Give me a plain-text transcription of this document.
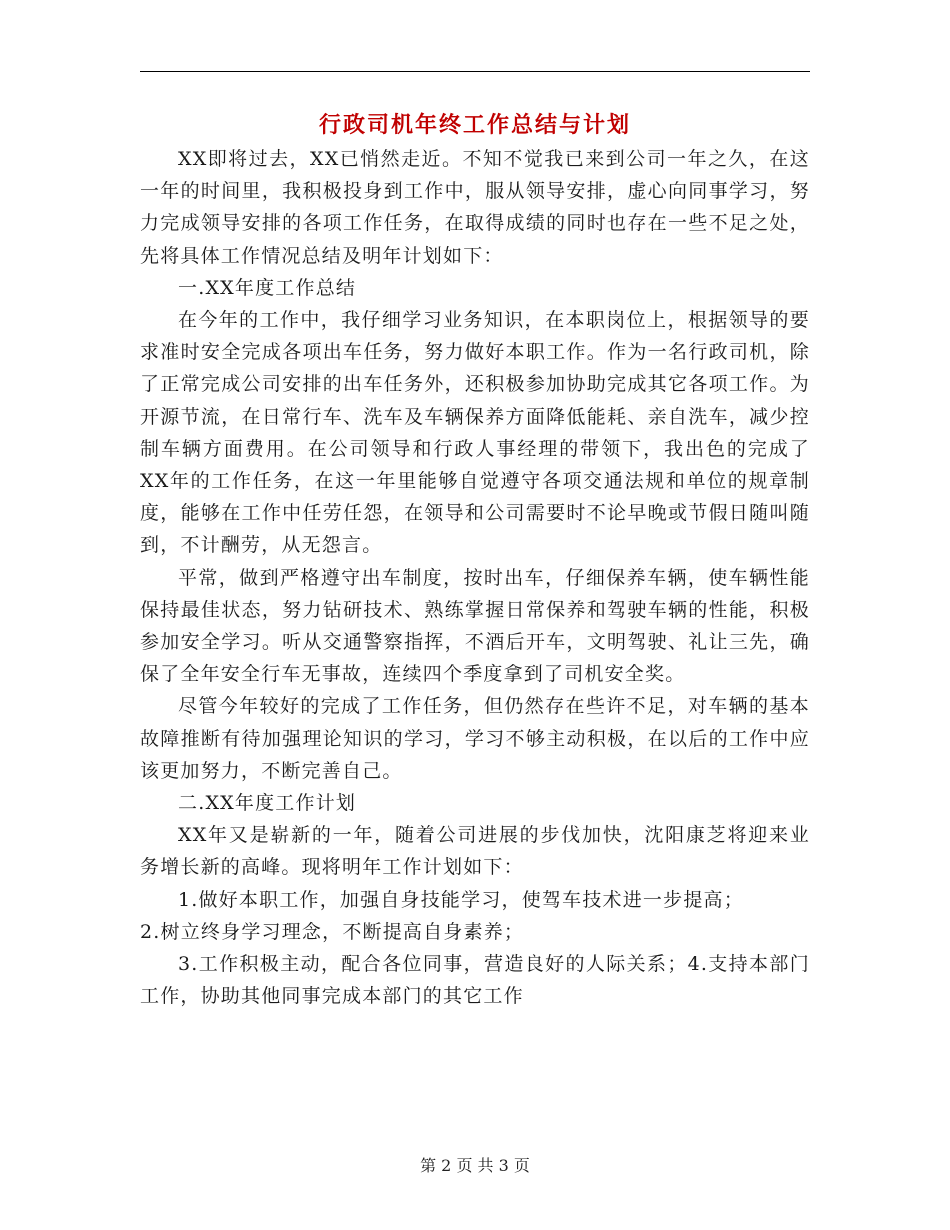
行政司机年终工作总结与计划

XX即将过去，XX已悄然走近。不知不觉我已来到公司一年之久，在这一年的时间里，我积极投身到工作中，服从领导安排，虚心向同事学习，努力完成领导安排的各项工作任务，在取得成绩的同时也存在一些不足之处，先将具体工作情况总结及明年计划如下：

一.XX年度工作总结

在今年的工作中，我仔细学习业务知识，在本职岗位上，根据领导的要求准时安全完成各项出车任务，努力做好本职工作。作为一名行政司机，除了正常完成公司安排的出车任务外，还积极参加协助完成其它各项工作。为开源节流，在日常行车、洗车及车辆保养方面降低能耗、亲自洗车，减少控制车辆方面费用。在公司领导和行政人事经理的带领下，我出色的完成了XX年的工作任务，在这一年里能够自觉遵守各项交通法规和单位的规章制度，能够在工作中任劳任怨，在领导和公司需要时不论早晚或节假日随叫随到，不计酬劳，从无怨言。

平常，做到严格遵守出车制度，按时出车，仔细保养车辆，使车辆性能保持最佳状态，努力钻研技术、熟练掌握日常保养和驾驶车辆的性能，积极参加安全学习。听从交通警察指挥，不酒后开车，文明驾驶、礼让三先，确保了全年安全行车无事故，连续四个季度拿到了司机安全奖。

尽管今年较好的完成了工作任务，但仍然存在些许不足，对车辆的基本故障推断有待加强理论知识的学习，学习不够主动积极，在以后的工作中应该更加努力，不断完善自己。

二.XX年度工作计划

XX年又是崭新的一年，随着公司进展的步伐加快，沈阳康芝将迎来业务增长新的高峰。现将明年工作计划如下：

1.做好本职工作，加强自身技能学习，使驾车技术进一步提高；

2.树立终身学习理念，不断提高自身素养；

3.工作积极主动，配合各位同事，营造良好的人际关系；4.支持本部门工作，协助其他同事完成本部门的其它工作

第 2 页 共 3 页
